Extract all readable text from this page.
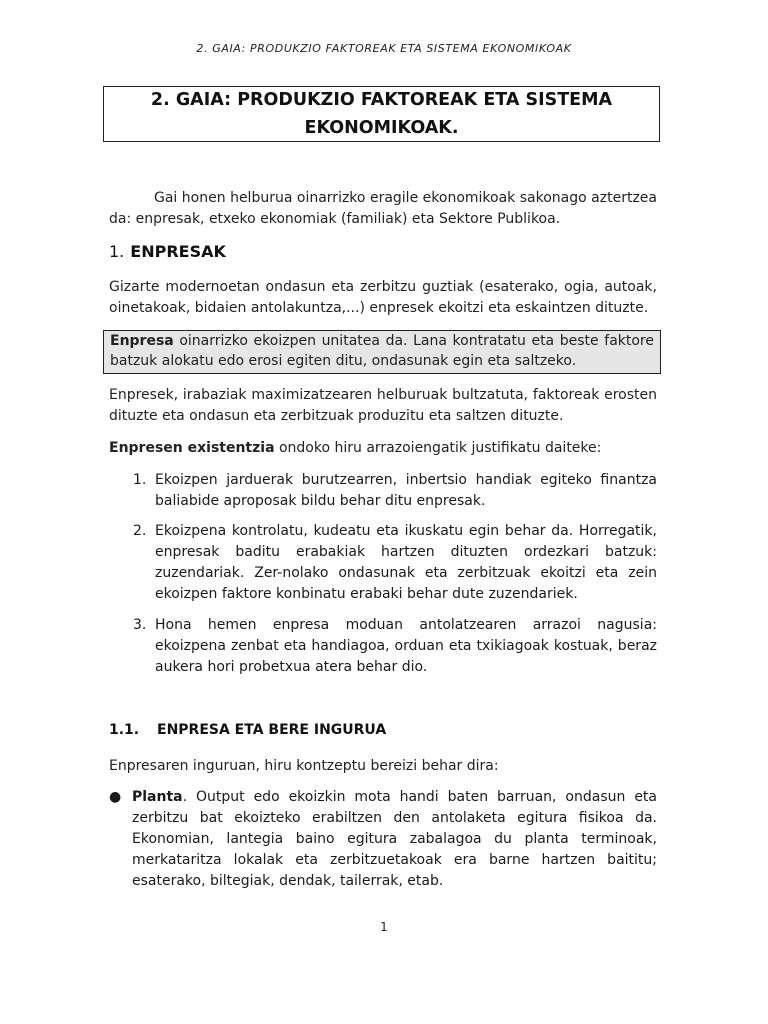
2. GAIA: PRODUKZIO FAKTOREAK ETA SISTEMA EKONOMIKOAK
2. GAIA: PRODUKZIO FAKTOREAK ETA SISTEMA
EKONOMIKOAK.
Gai honen helburua oinarrizko eragile ekonomikoak sakonago aztertzea da: enpresak, etxeko ekonomiak (familiak) eta Sektore Publikoa.
1. ENPRESAK
Gizarte modernoetan ondasun eta zerbitzu guztiak (esaterako, ogia, autoak, oinetakoak, bidaien antolakuntza,...) enpresek ekoitzi eta eskaintzen dituzte.
Enpresa oinarrizko ekoizpen unitatea da. Lana kontratatu eta beste faktore batzuk alokatu edo erosi egiten ditu, ondasunak egin eta saltzeko.
Enpresek, irabaziak maximizatzearen helburuak bultzatuta, faktoreak erosten dituzte eta ondasun eta zerbitzuak produzitu eta saltzen dituzte.
Enpresen existentzia ondoko hiru arrazoiengatik justifikatu daiteke:
1. Ekoizpen jarduerak burutzearren, inbertsio handiak egiteko finantza baliabide aproposak bildu behar ditu enpresak.
2. Ekoizpena kontrolatu, kudeatu eta ikuskatu egin behar da. Horregatik, enpresak baditu erabakiak hartzen dituzten ordezkari batzuk: zuzendariak. Zer-nolako ondasunak eta zerbitzuak ekoitzi eta zein ekoizpen faktore konbinatu erabaki behar dute zuzendariek.
3. Hona hemen enpresa moduan antolatzearen arrazoi nagusia: ekoizpena zenbat eta handiagoa, orduan eta txikiagoak kostuak, beraz aukera hori probetxua atera behar dio.
1.1. ENPRESA ETA BERE INGURUA
Enpresaren inguruan, hiru kontzeptu bereizi behar dira:
● Planta. Output edo ekoizkin mota handi baten barruan, ondasun eta zerbitzu bat ekoizteko erabiltzen den antolaketa egitura fisikoa da. Ekonomian, lantegia baino egitura zabalagoa du planta terminoak, merkataritza lokalak eta zerbitzuetakoak era barne hartzen baititu; esaterako, biltegiak, dendak, tailerrak, etab.
1
